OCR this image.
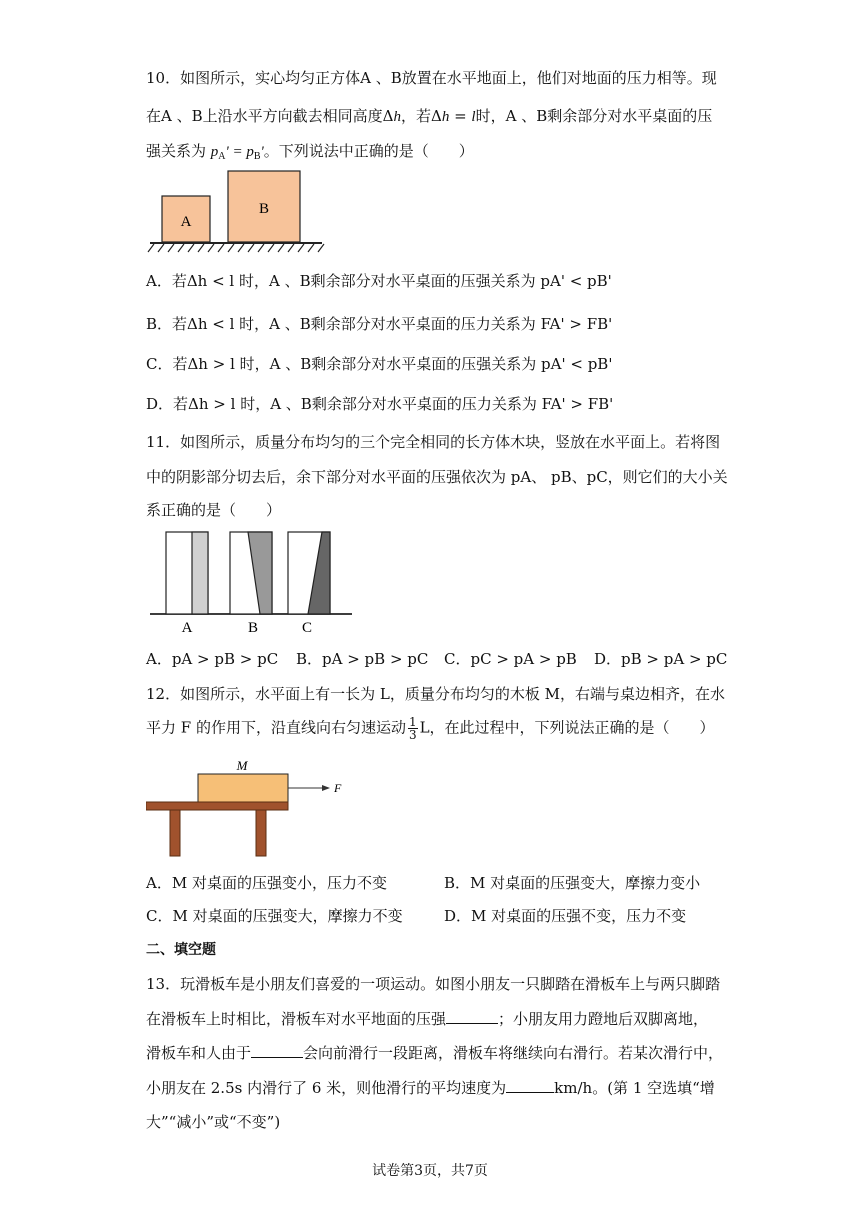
10．如图所示，实心均匀正方体A 、B放置在水平地面上，他们对地面的压力相等。现
在A 、B上沿水平方向截去相同高度Δh，若Δh = l时，A 、B剩余部分对水平桌面的压
强关系为 $p_A' = p_B'$。下列说法中正确的是（　　）
A
B
A．若Δh < l 时，A 、B剩余部分对水平桌面的压强关系为 pA' < pB'
B．若Δh < l 时，A 、B剩余部分对水平桌面的压力关系为 FA' > FB'
C．若Δh > l 时，A 、B剩余部分对水平桌面的压强关系为 pA' < pB'
D．若Δh > l 时，A 、B剩余部分对水平桌面的压力关系为 FA' > FB'
11．如图所示，质量分布均匀的三个完全相同的长方体木块，竖放在水平面上。若将图
中的阴影部分切去后，余下部分对水平面的压强依次为 pA、 pB、pC，则它们的大小关
系正确的是（　　）
A	B	C
A．pA > pB > pC B．pA > pB > pC C．pC > pA > pB D．pB > pA > pC
12．如图所示，水平面上有一长为 L，质量分布均匀的木板 M，右端与桌边相齐，在水
平力 F 的作用下，沿直线向右匀速运动 $\frac{1}{3}$ L，在此过程中，下列说法正确的是（　　）
M
F
A．M 对桌面的压强变小，压力不变	B．M 对桌面的压强变大，摩擦力变小
C．M 对桌面的压强变大，摩擦力不变	D．M 对桌面的压强不变，压力不变
二、填空题
13．玩滑板车是小朋友们喜爱的一项运动。如图小朋友一只脚踏在滑板车上与两只脚踏
在滑板车上时相比，滑板车对水平地面的压强	；小朋友用力蹬地后双脚离地，
滑板车和人由于	会向前滑行一段距离，滑板车将继续向右滑行。若某次滑行中，
小朋友在 2.5s 内滑行了 6 米，则他滑行的平均速度为	km/h。(第 1 空选填“增
大”“减小”或“不变”)
试卷第3页，共7页
